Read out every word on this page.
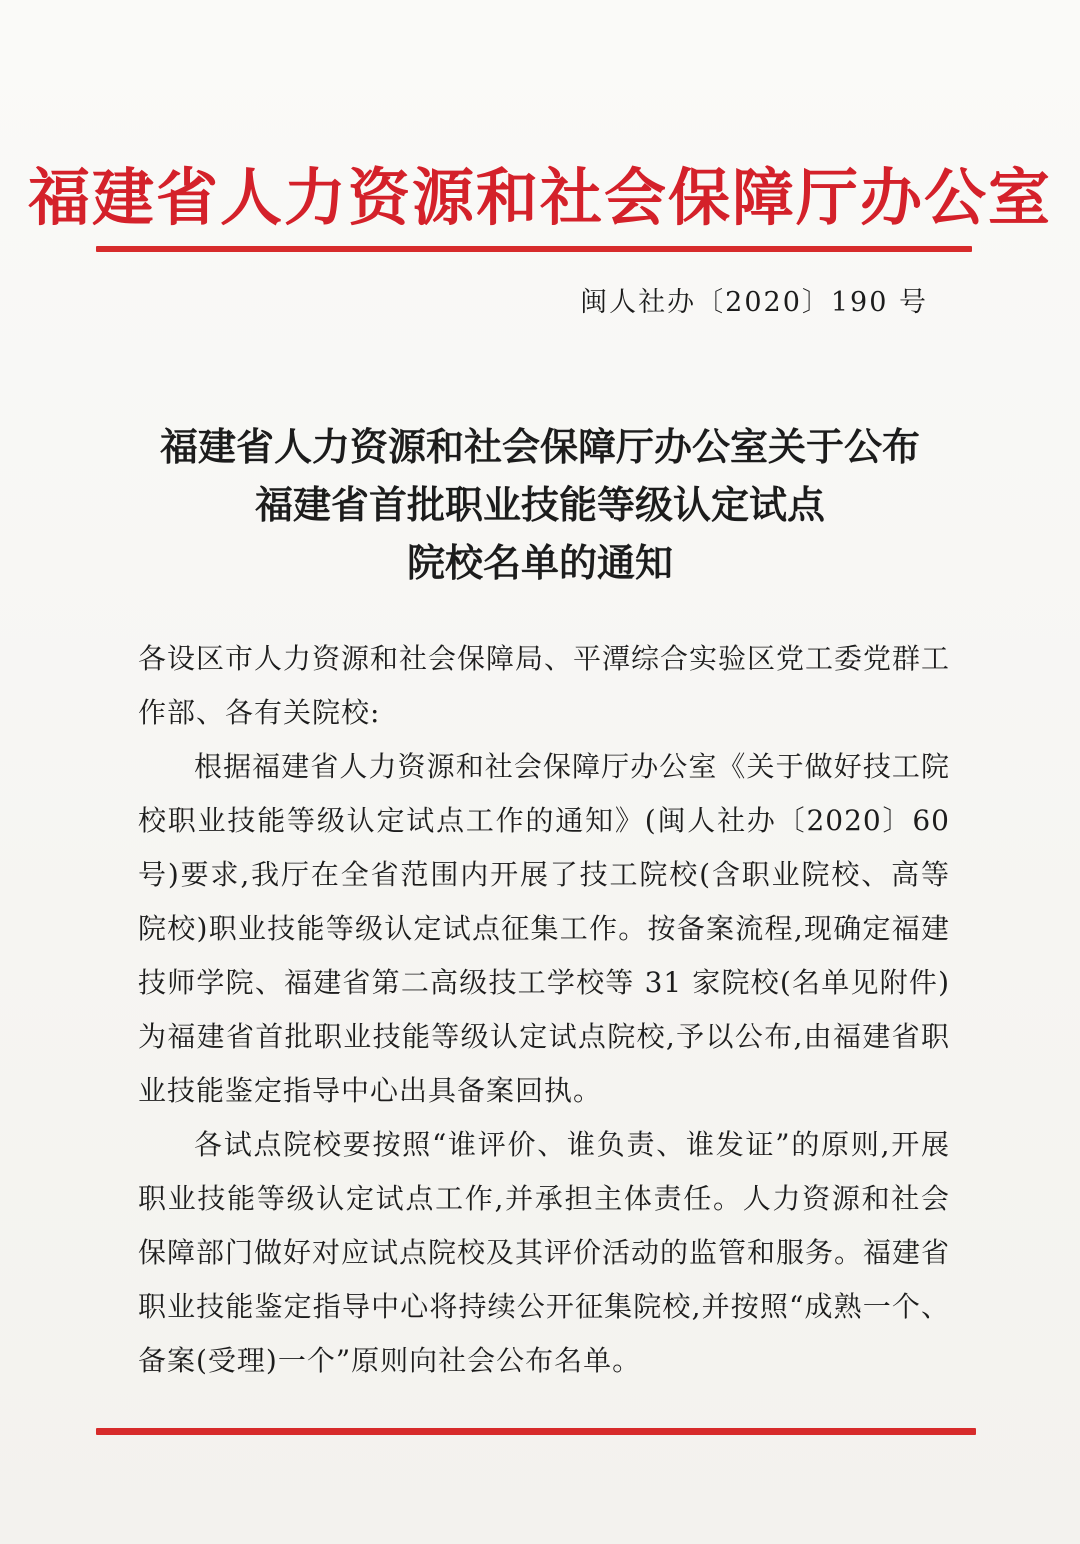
福建省人力资源和社会保障厅办公室
闽人社办〔2020〕190 号
福建省人力资源和社会保障厅办公室关于公布
福建省首批职业技能等级认定试点
院校名单的通知

各设区市人力资源和社会保障局、平潭综合实验区党工委党群工作部、各有关院校:

根据福建省人力资源和社会保障厅办公室《关于做好技工院校职业技能等级认定试点工作的通知》(闽人社办〔2020〕60 号)要求,我厅在全省范围内开展了技工院校(含职业院校、高等院校)职业技能等级认定试点征集工作。按备案流程,现确定福建技师学院、福建省第二高级技工学校等 31 家院校(名单见附件)为福建省首批职业技能等级认定试点院校,予以公布,由福建省职业技能鉴定指导中心出具备案回执。

各试点院校要按照“谁评价、谁负责、谁发证”的原则,开展职业技能等级认定试点工作,并承担主体责任。人力资源和社会保障部门做好对应试点院校及其评价活动的监管和服务。福建省职业技能鉴定指导中心将持续公开征集院校,并按照“成熟一个、备案(受理)一个”原则向社会公布名单。
